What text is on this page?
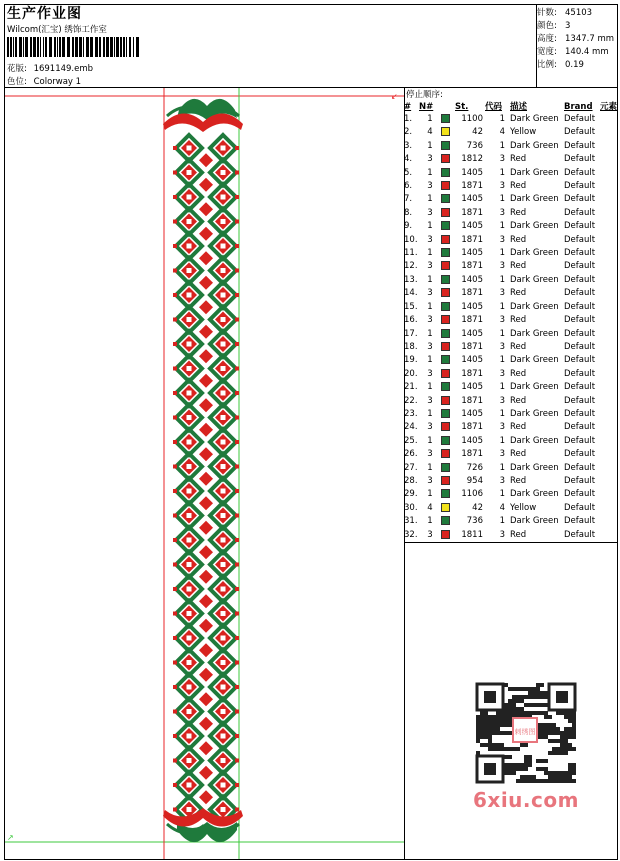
生产作业图
Wilcom(汇宝) 绣饰工作室
花版: 1691149.emb
色位: Colorway 1
针数: 45103
颜色: 3
高度: 1347.7 mm
宽度: 140.4 mm
比例: 0.19
↙
↗
停止顺序:
#	N#		St.	代码	描述	Brand	元素
1.	1		1100	1	Dark Green	Default	
2.	4		42	4	Yellow	Default	
3.	1		736	1	Dark Green	Default	
4.	3		1812	3	Red	Default	
5.	1		1405	1	Dark Green	Default	
6.	3		1871	3	Red	Default	
7.	1		1405	1	Dark Green	Default	
8.	3		1871	3	Red	Default	
9.	1		1405	1	Dark Green	Default	
10.	3		1871	3	Red	Default	
11.	1		1405	1	Dark Green	Default	
12.	3		1871	3	Red	Default	
13.	1		1405	1	Dark Green	Default	
14.	3		1871	3	Red	Default	
15.	1		1405	1	Dark Green	Default	
16.	3		1871	3	Red	Default	
17.	1		1405	1	Dark Green	Default	
18.	3		1871	3	Red	Default	
19.	1		1405	1	Dark Green	Default	
20.	3		1871	3	Red	Default	
21.	1		1405	1	Dark Green	Default	
22.	3		1871	3	Red	Default	
23.	1		1405	1	Dark Green	Default	
24.	3		1871	3	Red	Default	
25.	1		1405	1	Dark Green	Default	
26.	3		1871	3	Red	Default	
27.	1		726	1	Dark Green	Default	
28.	3		954	3	Red	Default	
29.	1		1106	1	Dark Green	Default	
30.	4		42	4	Yellow	Default	
31.	1		736	1	Dark Green	Default	
32.	3		1811	3	Red	Default	
刺绣图
6xiu.com
